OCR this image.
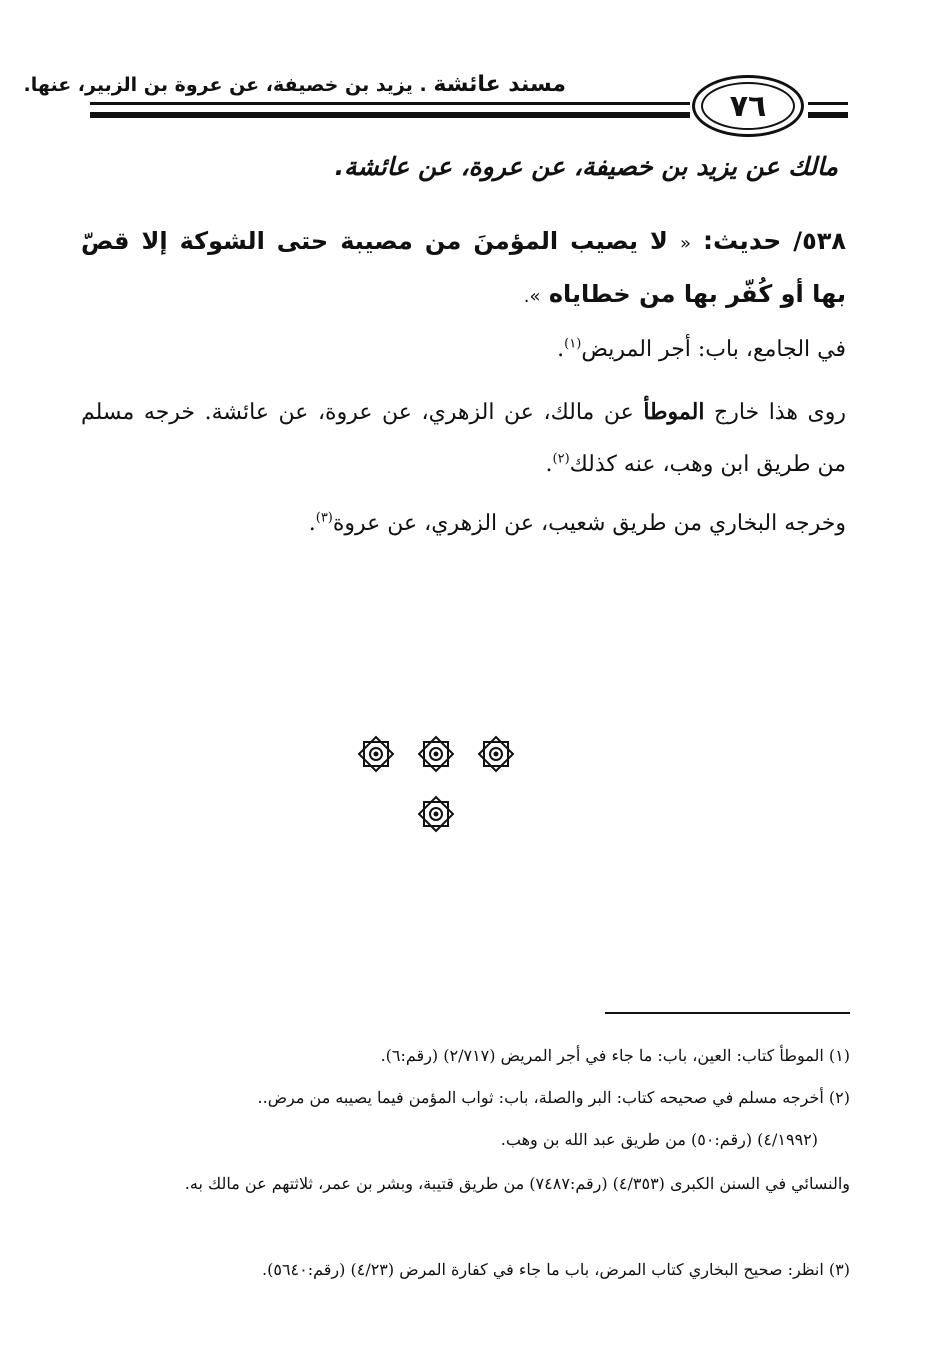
مسند عائشة . يزيد بن خصيفة، عن عروة بن الزبير، عنها.
٧٦
مالك عن يزيد بن خصيفة، عن عروة، عن عائشة.
٥٣٨/ حديث: « لا يصيب المؤمنَ من مصيبة حتى الشوكة إلا قصّ بها أو كُفّر بها من خطاياه ».
في الجامع، باب: أجر المريض$^{(١)}$.
روى هذا خارج الموطأ عن مالك، عن الزهري، عن عروة، عن عائشة. خرجه مسلم من طريق ابن وهب، عنه كذلك$^{(٢)}$.
وخرجه البخاري من طريق شعيب، عن الزهري، عن عروة$^{(٣)}$.
(١) الموطأ كتاب: العين، باب: ما جاء في أجر المريض (٢/٧١٧) (رقم:٦).
(٢) أخرجه مسلم في صحيحه كتاب: البر والصلة، باب: ثواب المؤمن فيما يصيبه من مرض..
(٤/١٩٩٢) (رقم:٥٠) من طريق عبد الله بن وهب.
والنسائي في السنن الكبرى (٤/٣٥٣) (رقم:٧٤٨٧) من طريق قتيبة، وبشر بن عمر، ثلاثتهم عن مالك به.
(٣) انظر: صحيح البخاري كتاب المرض، باب ما جاء في كفارة المرض (٤/٢٣) (رقم:٥٦٤٠).
